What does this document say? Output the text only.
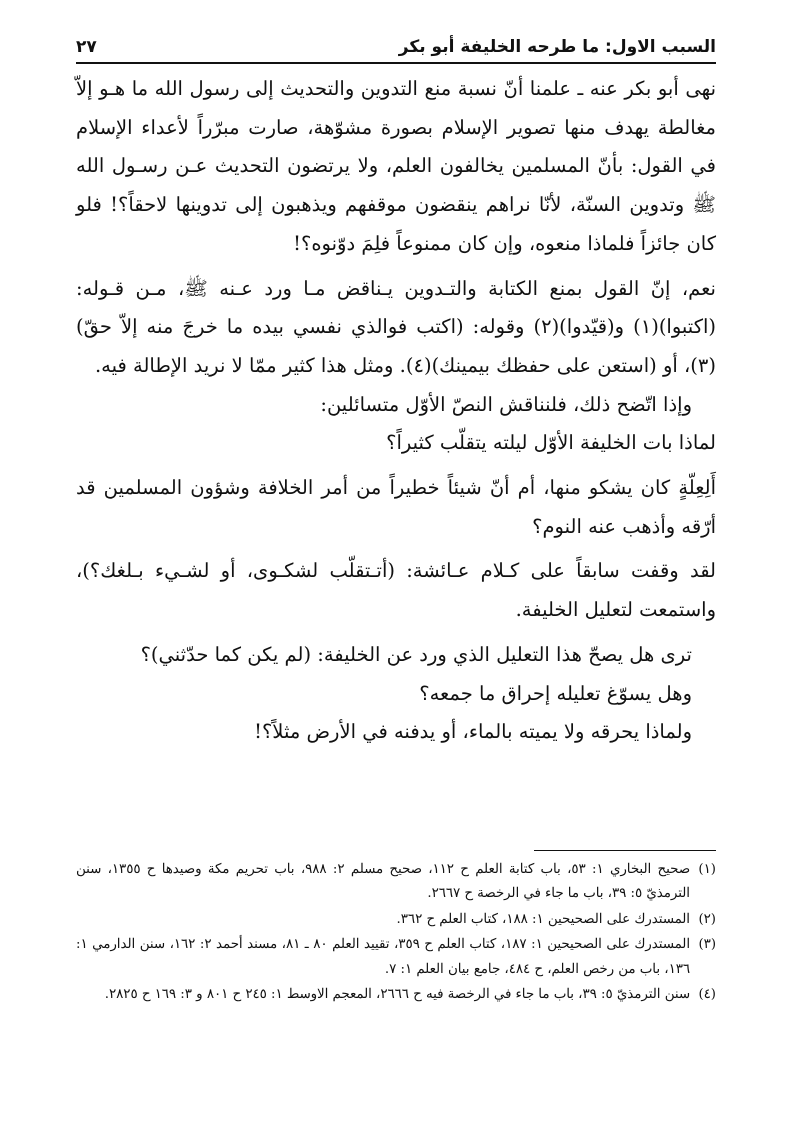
السبب الاول: ما طرحه الخليفة أبو بكر
٢٧

نهى أبو بكر عنه ـ علمنا أنّ نسبة منع التدوين والتحديث إلى رسول الله ما هـو إلاّ مغالطة يهدف منها تصوير الإسلام بصورة مشوّهة، صارت مبرّراً لأعداء الإسلام في القول: بأنّ المسلمين يخالفون العلم، ولا يرتضون التحديث عـن رسـول الله ﷺ وتدوين السنّة، لأنّا نراهم ينقضون موقفهم ويذهبون إلى تدوينها لاحقاً؟! فلو كان جائزاً فلماذا منعوه، وإن كان ممنوعاً فلِمَ دوّنوه؟!

نعم، إنّ القول بمنع الكتابة والتـدوين يـناقض مـا ورد عـنه ﷺ، مـن قـوله: (اكتبوا)(١) و(قيّدوا)(٢) وقوله: (اكتب فوالذي نفسي بيده ما خرجَ منه إلاّ حقّ)(٣)، أو (استعن على حفظك بيمينك)(٤). ومثل هذا كثير ممّا لا نريد الإطالة فيه.

وإذا اتّضح ذلك، فلنناقش النصّ الأوّل متسائلين:

لماذا بات الخليفة الأوّل ليلته يتقلّب كثيراً؟

أَلِعِلّةٍ كان يشكو منها، أم أنّ شيئاً خطيراً من أمر الخلافة وشؤون المسلمين قد أرّقه وأذهب عنه النوم؟

لقد وقفت سابقاً على كـلام عـائشة: (أتـتقلّب لشكـوى، أو لشـيء بـلغك؟)، واستمعت لتعليل الخليفة.

ترى هل يصحّ هذا التعليل الذي ورد عن الخليفة: (لم يكن كما حدّثني)؟

وهل يسوّغ تعليله إحراق ما جمعه؟

ولماذا يحرقه ولا يميته بالماء، أو يدفنه في الأرض مثلاً؟!

(١)صحيح البخاري ١: ٥٣، باب كتابة العلم ح ١١٢، صحيح مسلم ٢: ٩٨٨، باب تحريم مكة وصيدها ح ١٣٥٥، سنن الترمذيّ ٥: ٣٩، باب ما جاء في الرخصة ح ٢٦٦٧.

(٢)المستدرك على الصحيحين ١: ١٨٨، كتاب العلم ح ٣٦٢.

(٣)المستدرك على الصحيحين ١: ١٨٧، كتاب العلم ح ٣٥٩، تقييد العلم ٨٠ ـ ٨١، مسند أحمد ٢: ١٦٢، سنن الدارمي ١: ١٣٦، باب من رخص العلم، ح ٤٨٤، جامع بيان العلم ١: ٧.

(٤)سنن الترمذيّ ٥: ٣٩، باب ما جاء في الرخصة فيه ح ٢٦٦٦، المعجم الاوسط ١: ٢٤٥ ح ٨٠١ و ٣: ١٦٩ ح ٢٨٢٥.
